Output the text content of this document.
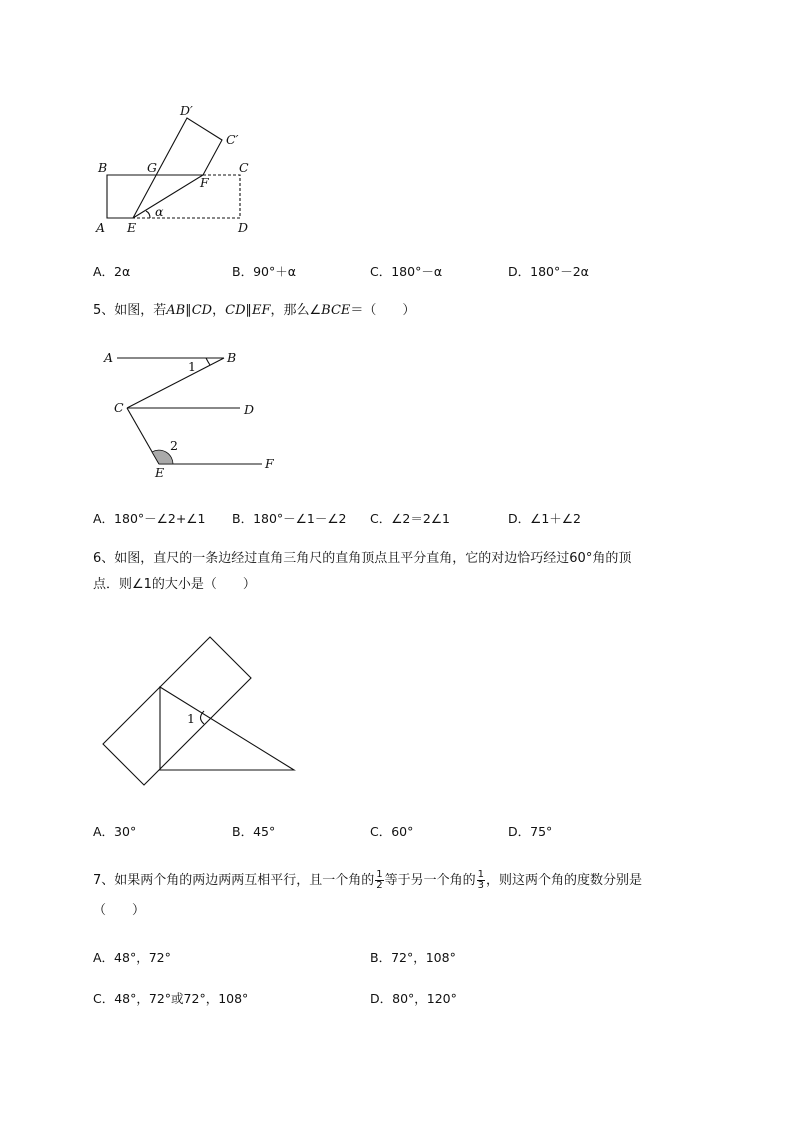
D′
C′
B	G	C
F
α
A E	D
A．2α	B．90°＋α	C．180°－α	D．180°－2α
5、如图，若AB∥CD，CD∥EF，那么∠BCE＝（　　）
A	B
1
C	D
2
E
F
A．180°－∠2+∠1 B．180°－∠1－∠2 C．∠2＝2∠1	D．∠1＋∠2
6、如图，直尺的一条边经过直角三角尺的直角顶点且平分直角，它的对边恰巧经过60°角的顶
点．则∠1的大小是（　　）
1
A．30°	B．45°	C．60°	D．75°
7、如果两个角的两边两两互相平行，且一个角的 $\frac{1}{2}$ 等于另一个角的 $\frac{1}{3}$ ，则这两个角的度数分别是
（　　）
A．48°，72°	B．72°，108°
C．48°，72°或72°，108°	D．80°，120°
